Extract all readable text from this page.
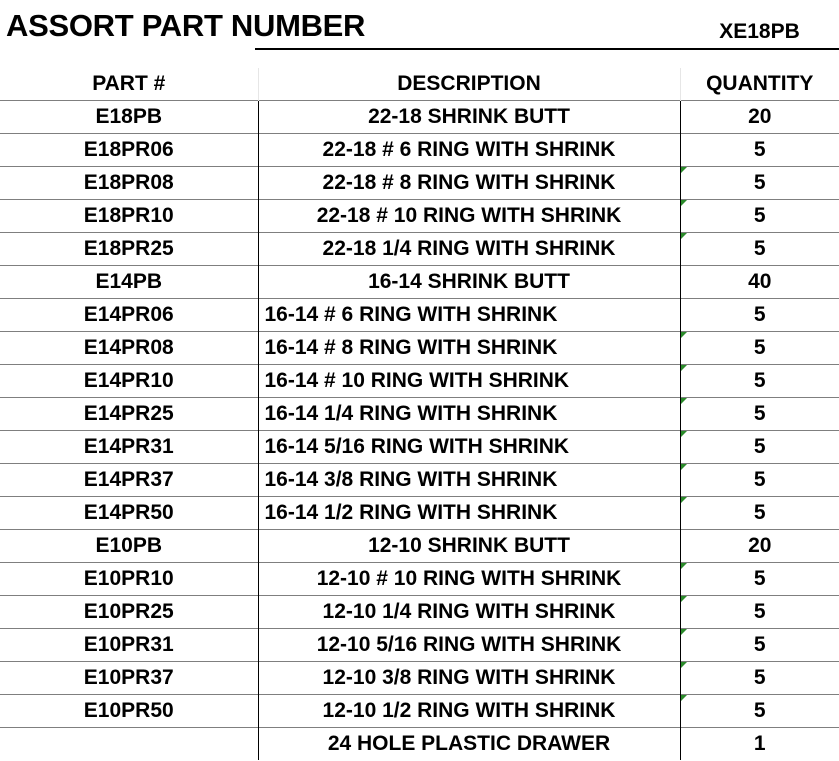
ASSORT PART NUMBER	XE18PB
PART #	DESCRIPTION	QUANTITY
E18PB	22-18 SHRINK BUTT	20
E18PR06	22-18 # 6 RING WITH SHRINK	5
E18PR08	22-18 # 8 RING WITH SHRINK	5
E18PR10	22-18 # 10 RING WITH SHRINK	5
E18PR25	22-18 1/4 RING WITH SHRINK	5
E14PB	16-14 SHRINK BUTT	40
E14PR06	16-14 # 6 RING WITH SHRINK	5
E14PR08	16-14 # 8 RING WITH SHRINK	5
E14PR10	16-14 # 10 RING WITH SHRINK	5
E14PR25	16-14 1/4 RING WITH SHRINK	5
E14PR31	16-14 5/16 RING WITH SHRINK	5
E14PR37	16-14 3/8 RING WITH SHRINK	5
E14PR50	16-14 1/2 RING WITH SHRINK	5
E10PB	12-10 SHRINK BUTT	20
E10PR10	12-10 # 10 RING WITH SHRINK	5
E10PR25	12-10 1/4 RING WITH SHRINK	5
E10PR31	12-10 5/16 RING WITH SHRINK	5
E10PR37	12-10 3/8 RING WITH SHRINK	5
E10PR50	12-10 1/2 RING WITH SHRINK	5
	24 HOLE PLASTIC DRAWER	1
